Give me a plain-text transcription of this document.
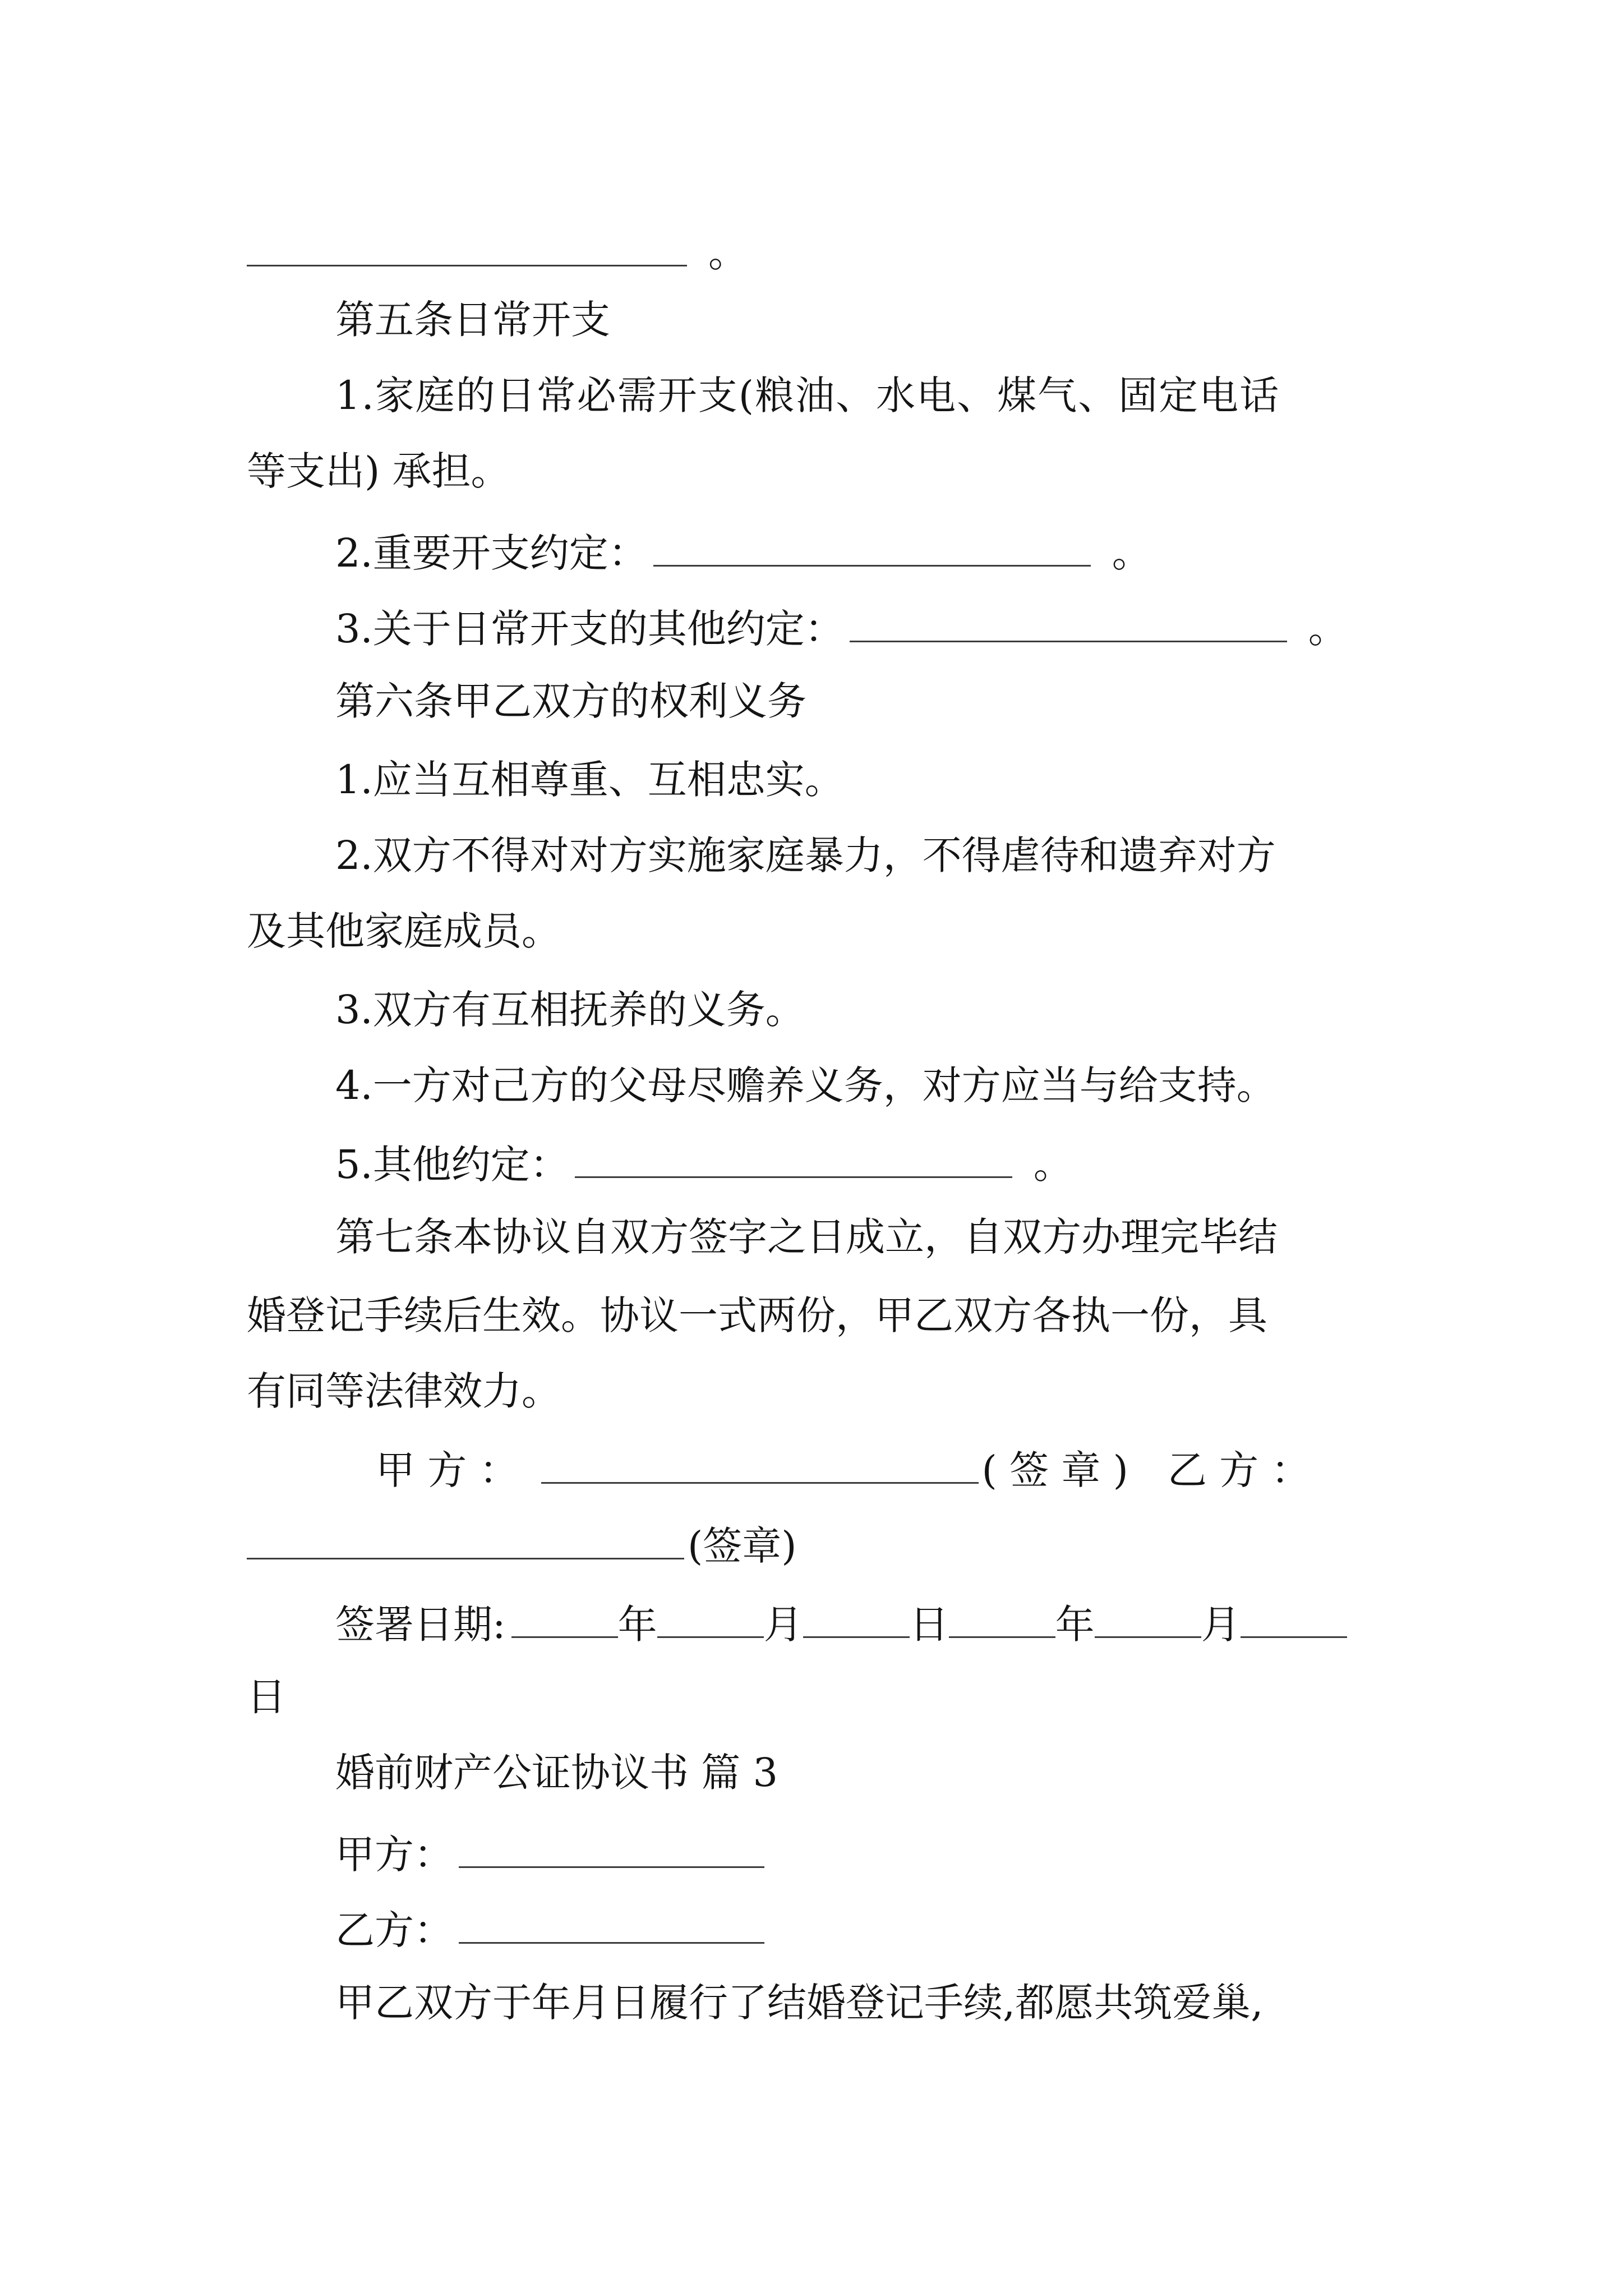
。
第五条日常开支
1.家庭的日常必需开支(粮油、水电、煤气、固定电话
等支出) 承担。
2.重要开支约定：	。
3.关于日常开支的其他约定：	。
第六条甲乙双方的权利义务
1.应当互相尊重、互相忠实。
2.双方不得对对方实施家庭暴力，不得虐待和遗弃对方
及其他家庭成员。
3.双方有互相抚养的义务。
4.一方对己方的父母尽赡养义务，对方应当与给支持。
5.其他约定：	。
第七条本协议自双方签字之日成立，自双方办理完毕结
婚登记手续后生效。协议一式两份，甲乙双方各执一份，具
有同等法律效力。
甲 方 ：	( 签 章 ) 乙 方 ：
(签章)
签署日期:	年	月	日	年	月
日
婚前财产公证协议书 篇 3
甲方：
乙方：
甲乙双方于年月日履行了结婚登记手续,都愿共筑爱巢,
